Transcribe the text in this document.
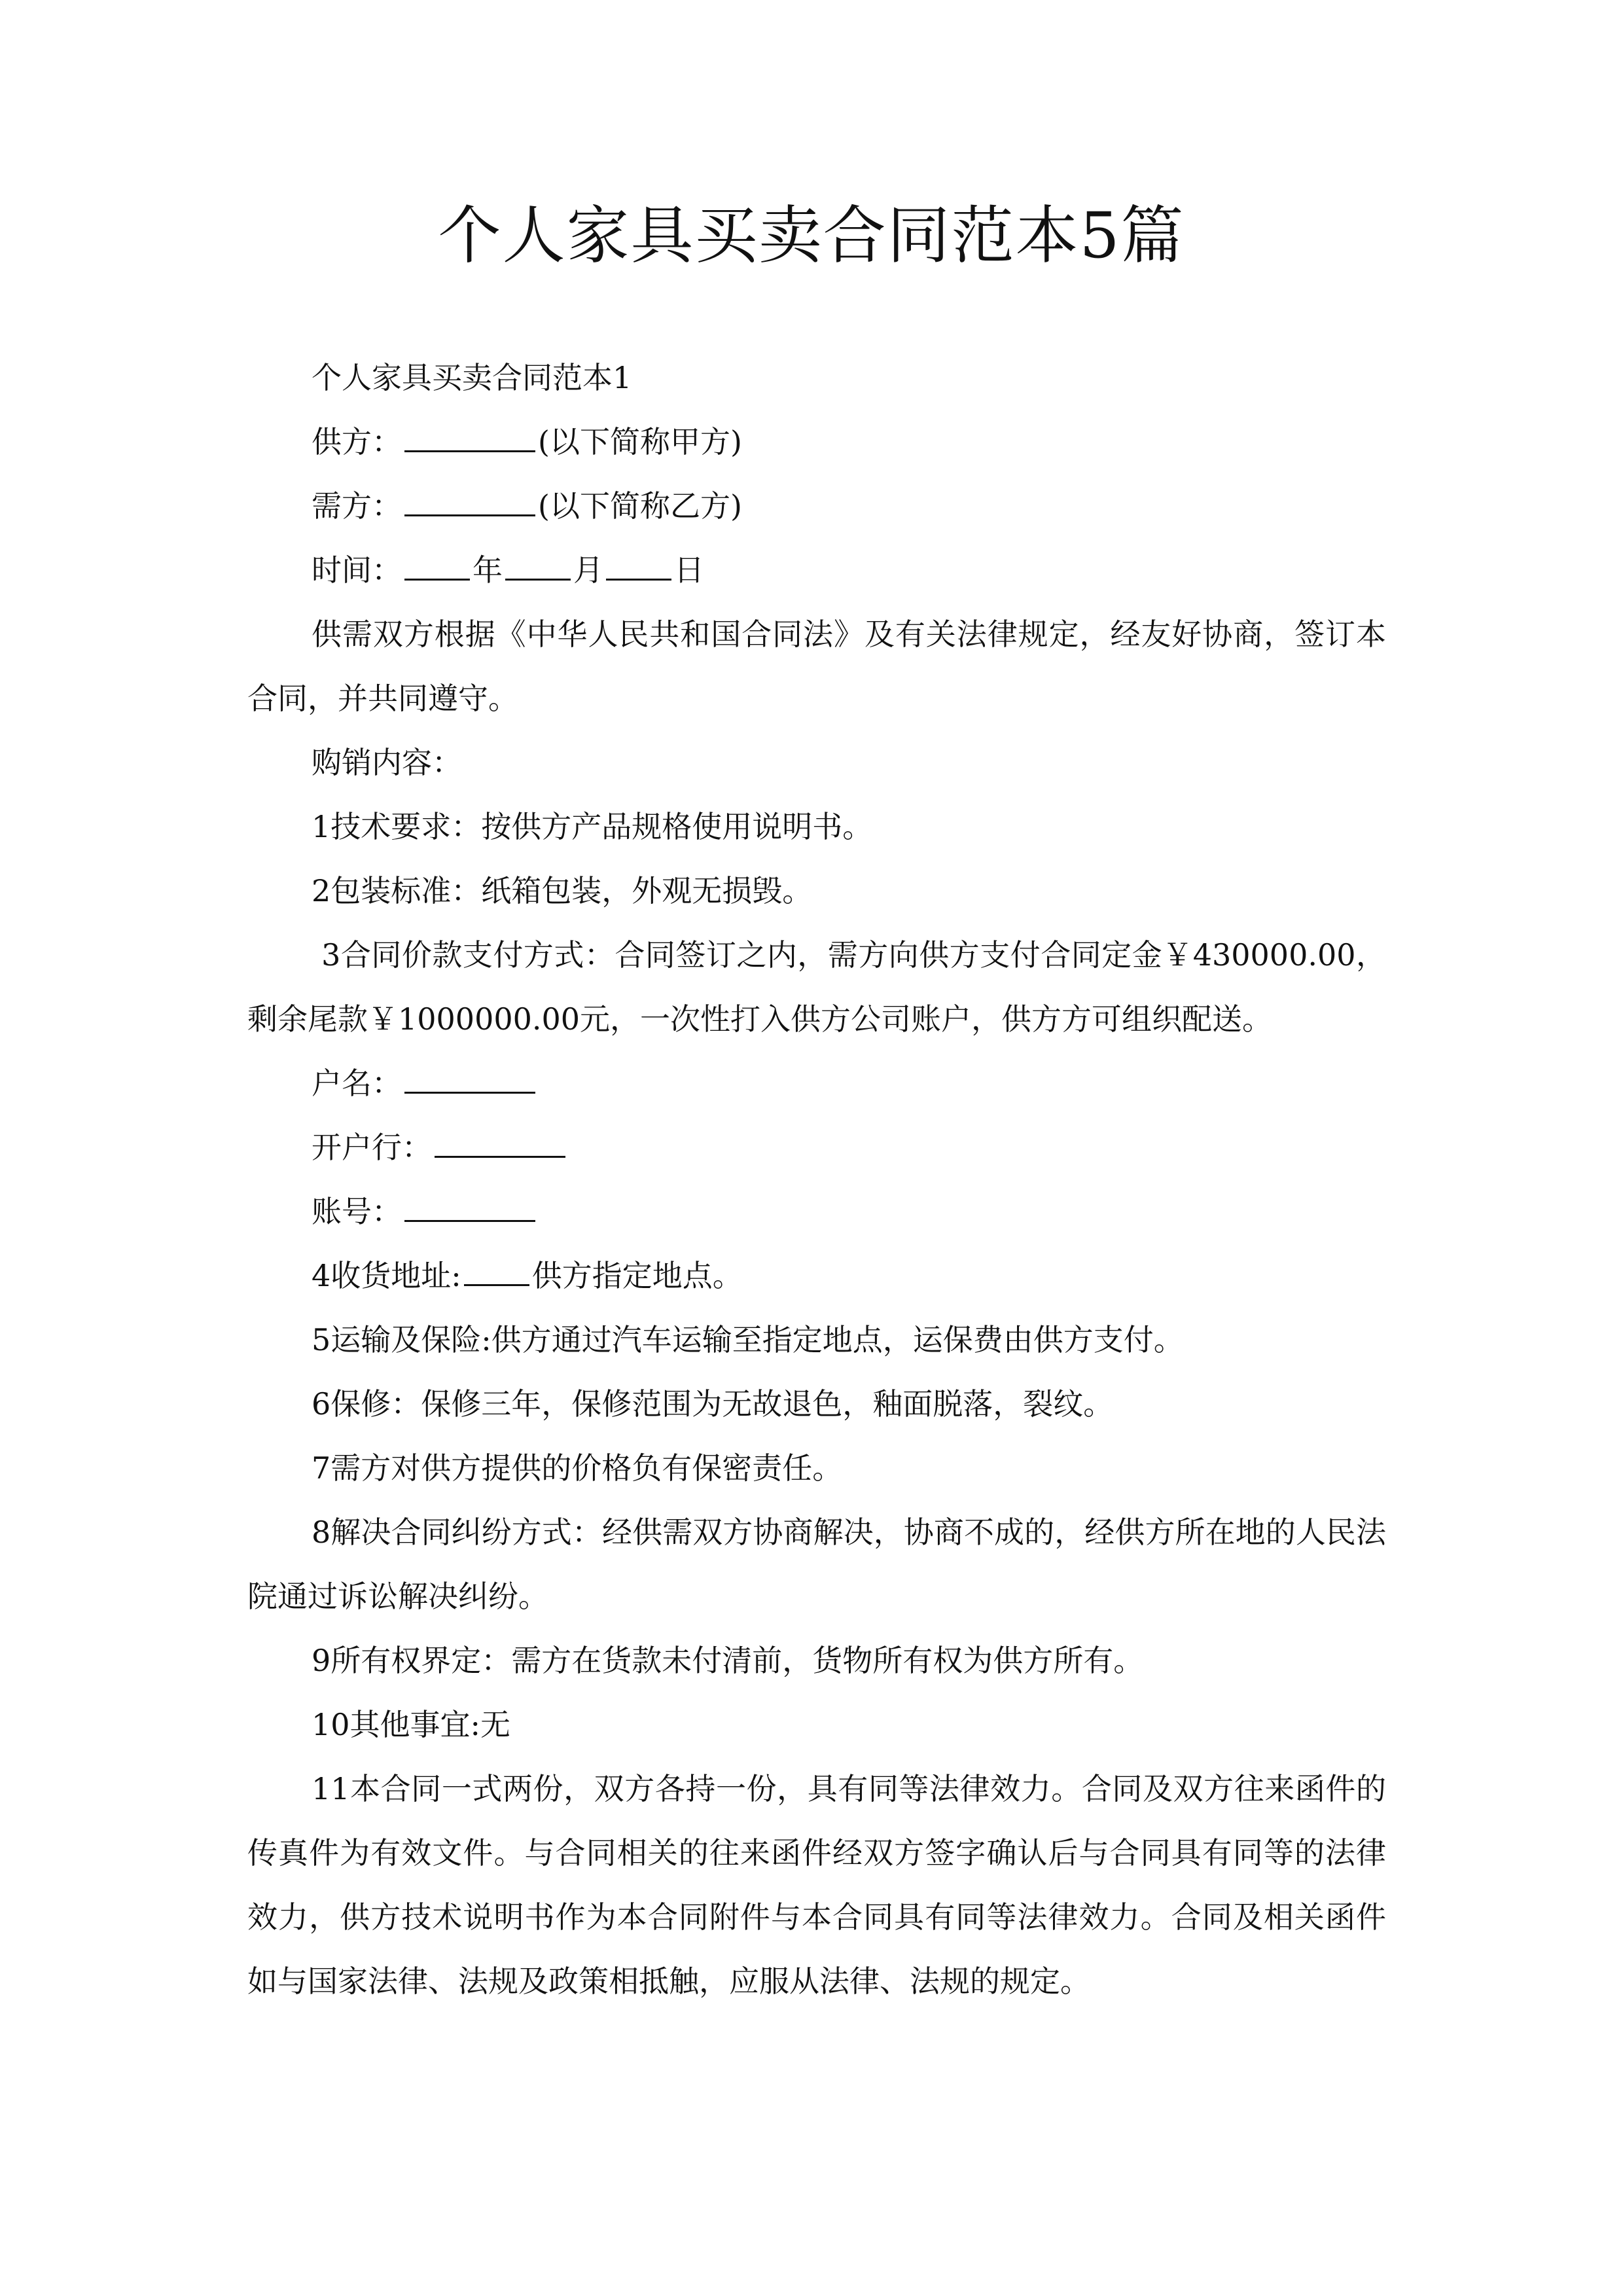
个人家具买卖合同范本5篇

个人家具买卖合同范本1

供方：	(以下简称甲方)

需方：	(以下简称乙方)

时间： 年 月 日

供需双方根据《中华人民共和国合同法》及有关法律规定，经友好协商，签订本合同，并共同遵守。

购销内容：

1技术要求：按供方产品规格使用说明书。

2包装标准：纸箱包装，外观无损毁。

3合同价款支付方式：合同签订之内，需方向供方支付合同定金￥430000.00，剩余尾款￥1000000.00元，一次性打入供方公司账户，供方方可组织配送。

户名：

开户行：

账号：

4收货地址: 供方指定地点。

5运输及保险:供方通过汽车运输至指定地点，运保费由供方支付。

6保修：保修三年，保修范围为无故退色，釉面脱落，裂纹。

7需方对供方提供的价格负有保密责任。

8解决合同纠纷方式：经供需双方协商解决，协商不成的，经供方所在地的人民法院通过诉讼解决纠纷。

9所有权界定：需方在货款未付清前，货物所有权为供方所有。

10其他事宜:无

11本合同一式两份，双方各持一份，具有同等法律效力。合同及双方往来函件的传真件为有效文件。与合同相关的往来函件经双方签字确认后与合同具有同等的法律效力，供方技术说明书作为本合同附件与本合同具有同等法律效力。合同及相关函件如与国家法律、法规及政策相抵触，应服从法律、法规的规定。
